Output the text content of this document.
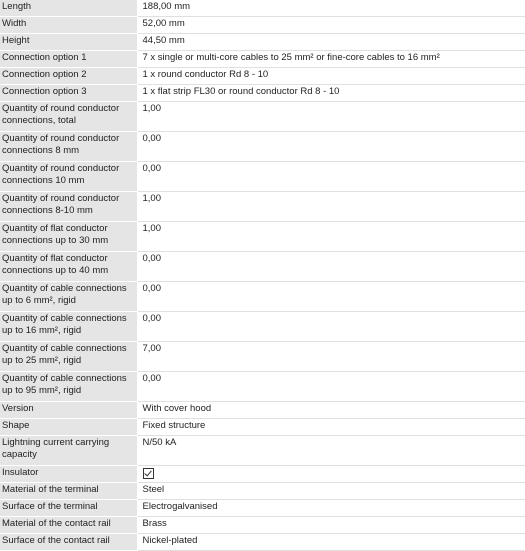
Length	188,00 mm
Width	52,00 mm
Height	44,50 mm
Connection option 1	7 x single or multi-core cables to 25 mm² or fine-core cables to 16 mm²
Connection option 2	1 x round conductor Rd 8 - 10
Connection option 3	1 x flat strip FL30 or round conductor Rd 8 - 10

Quantity of round conductor connections, total	1,00

Quantity of round conductor connections 8 mm	0,00

Quantity of round conductor connections 10 mm	0,00

Quantity of round conductor connections 8-10 mm	1,00

Quantity of flat conductor connections up to 30 mm	1,00

Quantity of flat conductor connections up to 40 mm	0,00

Quantity of cable connections up to 6 mm², rigid	0,00

Quantity of cable connections up to 16 mm², rigid	0,00

Quantity of cable connections up to 25 mm², rigid	7,00

Quantity of cable connections up to 95 mm², rigid	0,00
Version	With cover hood
Shape	Fixed structure

Lightning current carrying capacity	N/50 kA
Insulator	
Material of the terminal	Steel
Surface of the terminal	Electrogalvanised
Material of the contact rail	Brass
Surface of the contact rail	Nickel-plated
